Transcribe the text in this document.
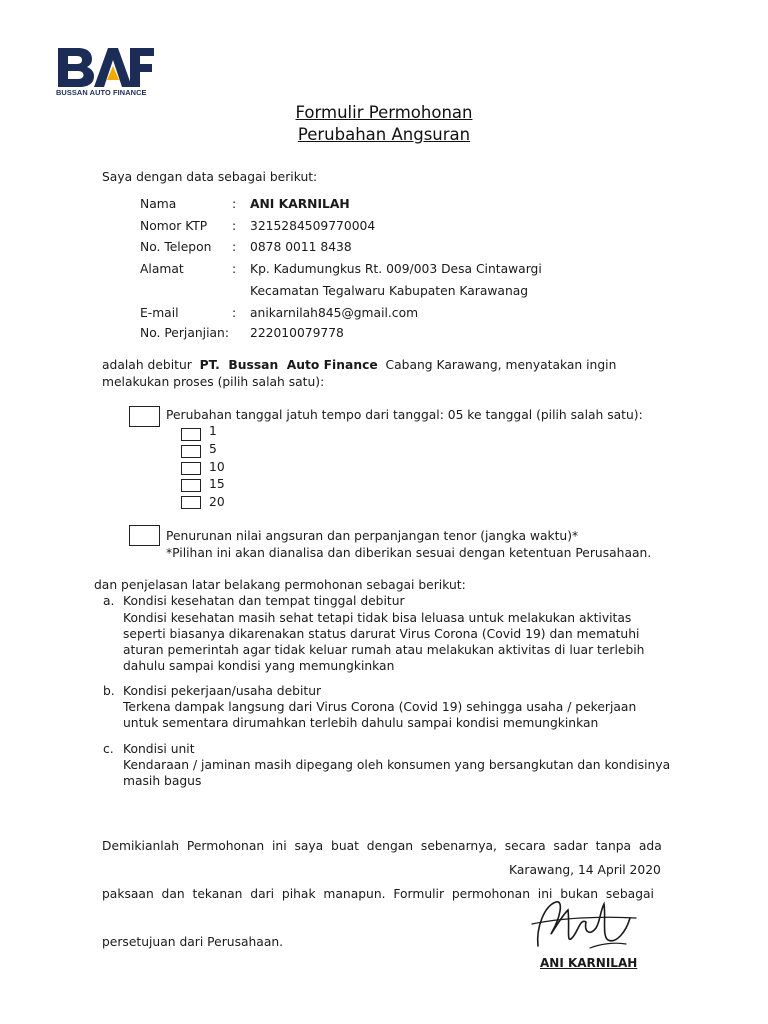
BUSSAN AUTO FINANCE
Formulir Permohonan
Perubahan Angsuran
Saya dengan data sebagai berikut:
Nama	: ANI KARNILAH
Nomor KTP : 3215284509770004
No. Telepon : 0878 0011 8438
Alamat	: Kp. Kadumungkus Rt. 009/003 Desa Cintawargi
Kecamatan Tegalwaru Kabupaten Karawanag
E-mail	: anikarnilah845@gmail.com
No. Perjanjian: 222010079778
adalah debitur PT.  Bussan  Auto Finance Cabang Karawang, menyatakan ingin
melakukan proses (pilih salah satu):
Perubahan tanggal jatuh tempo dari tanggal: 05 ke tanggal (pilih salah satu):
1
5
10
15
20
Penurunan nilai angsuran dan perpanjangan tenor (jangka waktu)*
*Pilihan ini akan dianalisa dan diberikan sesuai dengan ketentuan Perusahaan.
dan penjelasan latar belakang permohonan sebagai berikut:
a. Kondisi kesehatan dan tempat tinggal debitur
Kondisi kesehatan masih sehat tetapi tidak bisa leluasa untuk melakukan aktivitas
seperti biasanya dikarenakan status darurat Virus Corona (Covid 19) dan mematuhi
aturan pemerintah agar tidak keluar rumah atau melakukan aktivitas di luar terlebih
dahulu sampai kondisi yang memungkinkan
b. Kondisi pekerjaan/usaha debitur
Terkena dampak langsung dari Virus Corona (Covid 19) sehingga usaha / pekerjaan
untuk sementara dirumahkan terlebih dahulu sampai kondisi memungkinkan
c. Kondisi unit
Kendaraan / jaminan masih dipegang oleh konsumen yang bersangkutan dan kondisinya
masih bagus

Demikianlah  Permohonan  ini  saya  buat  dengan  sebenarnya,  secara  sadar  tanpa  ada

paksaan  dan  tekanan  dari  pihak  manapun.  Formulir  permohonan  ini  bukan  sebagai

persetujuan dari Perusahaan.

Karawang, 14 April 2020
ANI KARNILAH
